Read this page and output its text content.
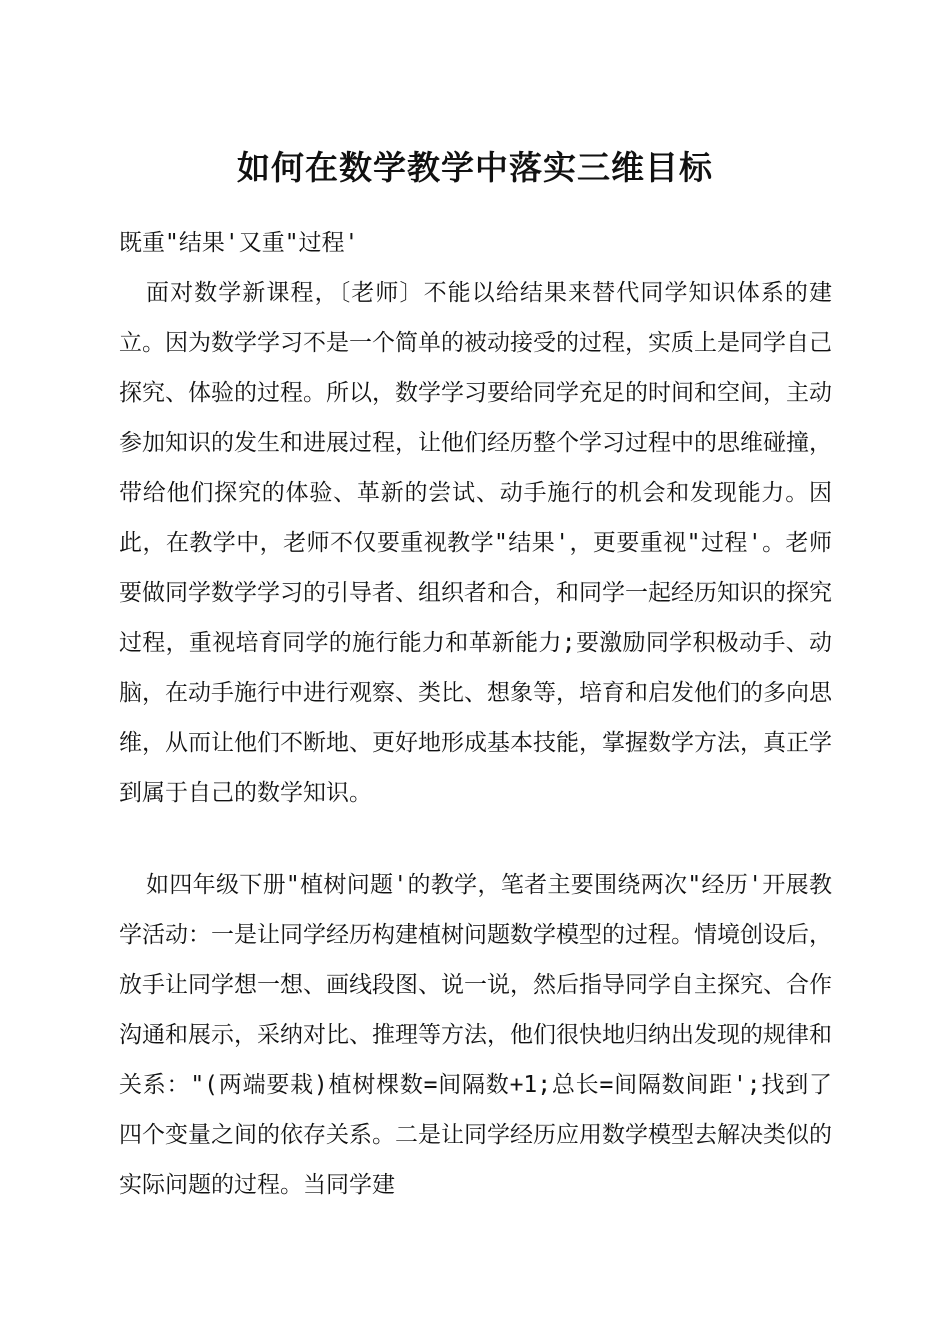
如何在数学教学中落实三维目标

既重"结果'又重"过程'

面对数学新课程，〔老师〕不能以给结果来替代同学知识体系的建立。因为数学学习不是一个简单的被动接受的过程，实质上是同学自己探究、体验的过程。所以，数学学习要给同学充足的时间和空间，主动参加知识的发生和进展过程，让他们经历整个学习过程中的思维碰撞，带给他们探究的体验、革新的尝试、动手施行的机会和发现能力。因此，在教学中，老师不仅要重视教学"结果'，更要重视"过程'。老师要做同学数学学习的引导者、组织者和合，和同学一起经历知识的探究过程，重视培育同学的施行能力和革新能力;要激励同学积极动手、动脑，在动手施行中进行观察、类比、想象等，培育和启发他们的多向思维，从而让他们不断地、更好地形成基本技能，掌握数学方法，真正学到属于自己的数学知识。

如四年级下册"植树问题'的教学，笔者主要围绕两次"经历'开展教学活动：一是让同学经历构建植树问题数学模型的过程。情境创设后，放手让同学想一想、画线段图、说一说，然后指导同学自主探究、合作沟通和展示，采纳对比、推理等方法，他们很快地归纳出发现的规律和关系："(两端要栽)植树棵数=间隔数+1;总长=间隔数间距';找到了四个变量之间的依存关系。二是让同学经历应用数学模型去解决类似的实际问题的过程。当同学建
